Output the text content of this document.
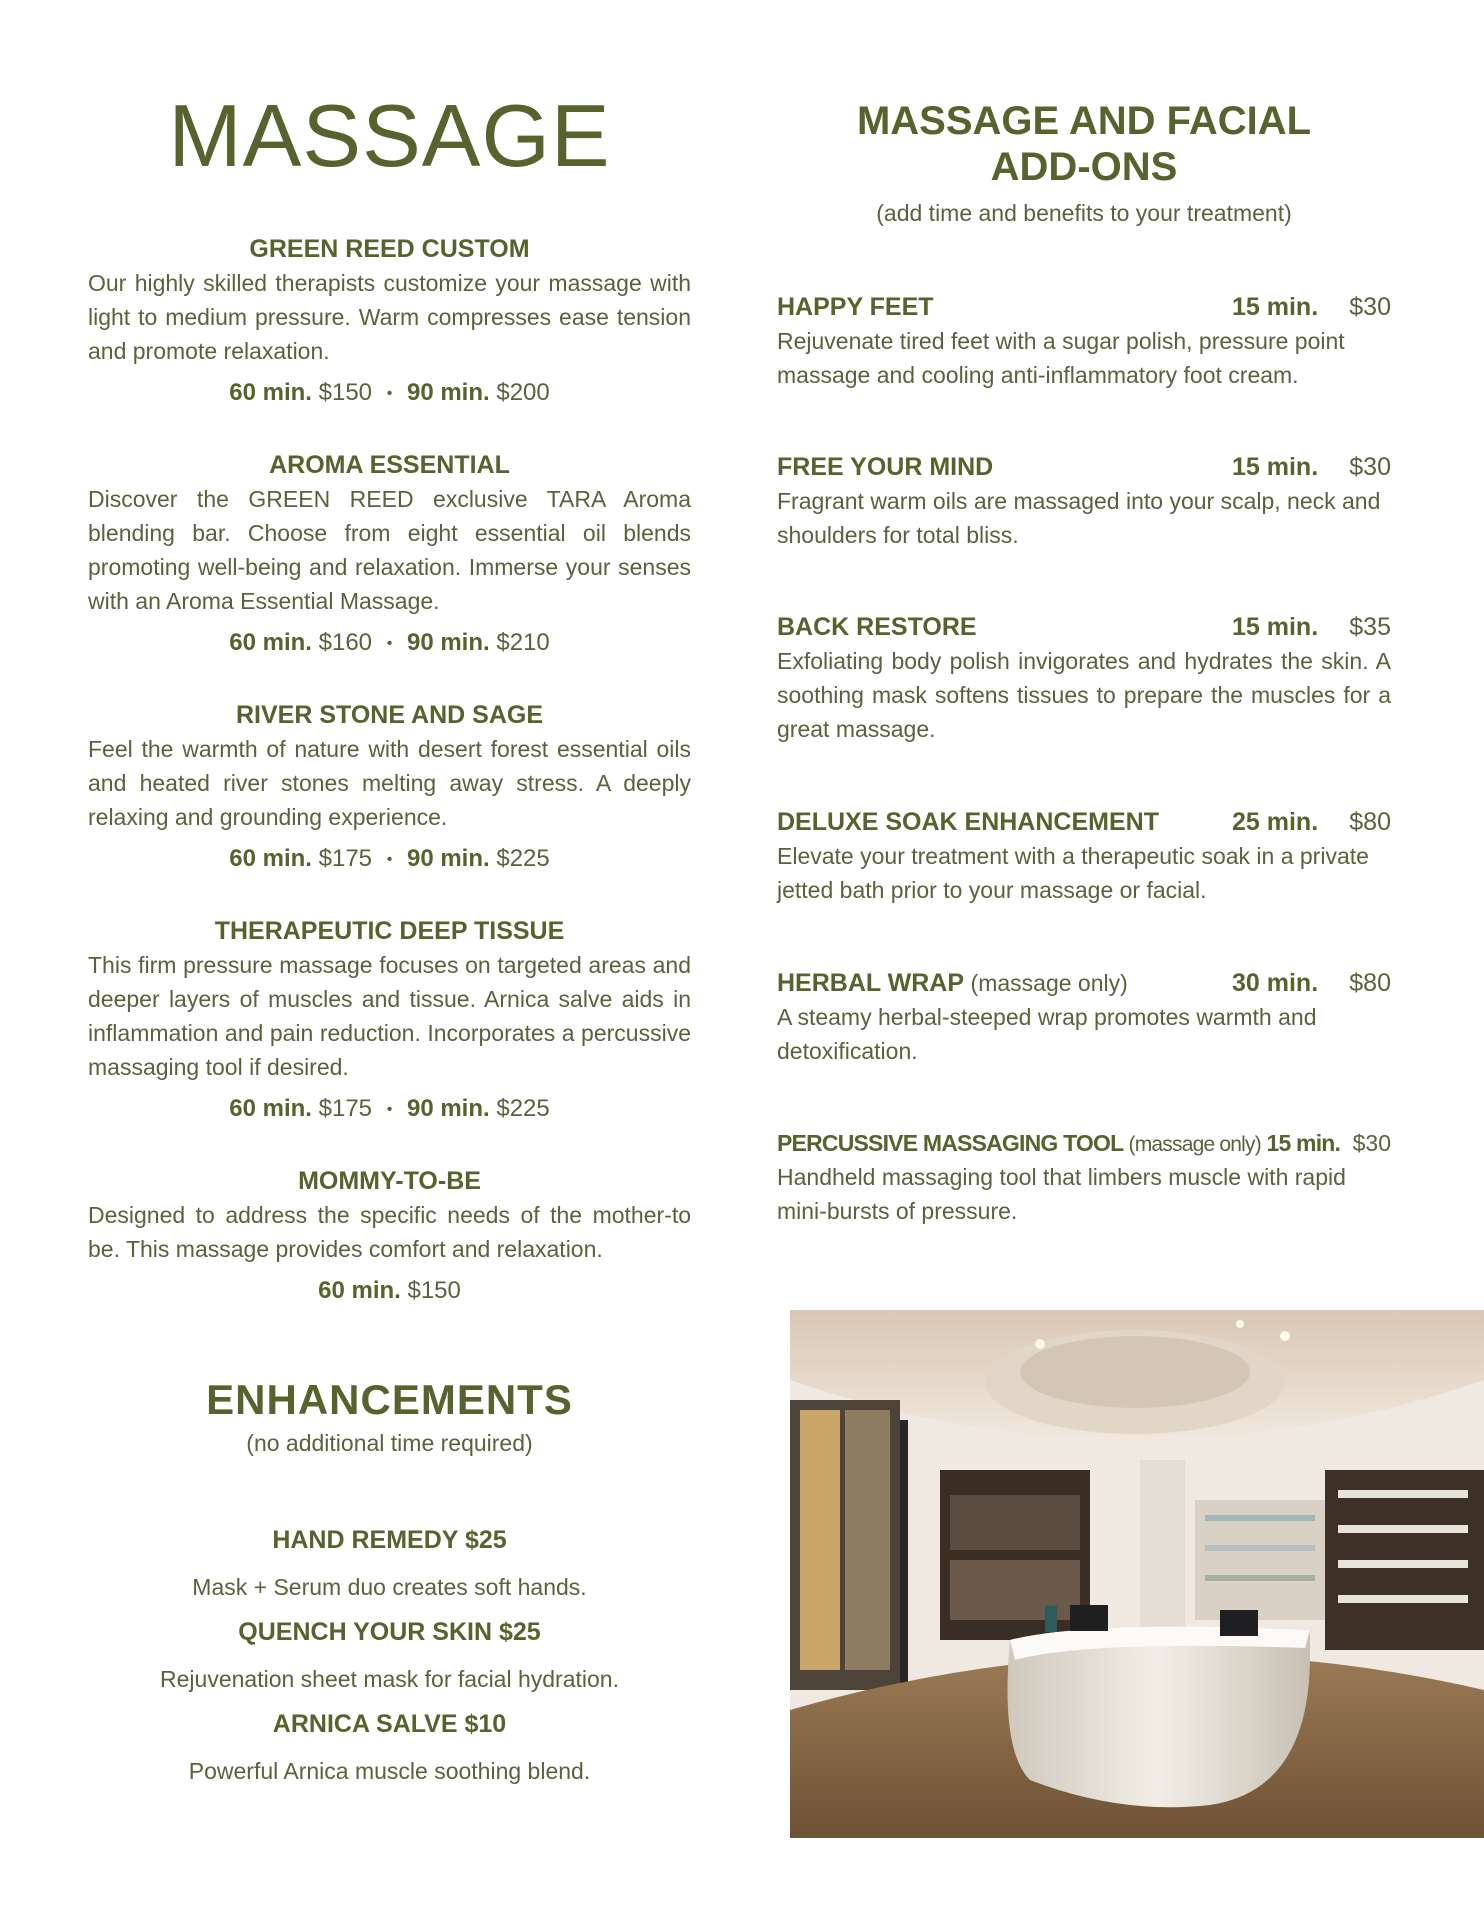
MASSAGE

GREEN REED CUSTOM

Our highly skilled therapists customize your massage with light to medium pressure. Warm compresses ease tension and promote relaxation.

60 min. $150 • 90 min. $200

AROMA ESSENTIAL

Discover the GREEN REED exclusive TARA Aroma blending bar. Choose from eight essential oil blends promoting well-being and relaxation. Immerse your senses with an Aroma Essential Massage.

60 min. $160 • 90 min. $210

RIVER STONE AND SAGE

Feel the warmth of nature with desert forest essential oils and heated river stones melting away stress. A deeply relaxing and grounding experience.

60 min. $175 • 90 min. $225

THERAPEUTIC DEEP TISSUE

This firm pressure massage focuses on targeted areas and deeper layers of muscles and tissue. Arnica salve aids in inflammation and pain reduction. Incorporates a percussive massaging tool if desired.

60 min. $175 • 90 min. $225

MOMMY-TO-BE

Designed to address the specific needs of the mother-to be. This massage provides comfort and relaxation.

60 min. $150
ENHANCEMENTS
(no additional time required)
HAND REMEDY $25
Mask + Serum duo creates soft hands.
QUENCH YOUR SKIN $25
Rejuvenation sheet mask for facial hydration.
ARNICA SALVE $10
Powerful Arnica muscle soothing blend.
MASSAGE AND FACIAL
ADD-ONS
(add time and benefits to your treatment)
HAPPY FEET	15 min. $30

Rejuvenate tired feet with a sugar polish, pressure point massage and cooling anti-inflammatory foot cream.

FREE YOUR MIND	15 min. $30

Fragrant warm oils are massaged into your scalp, neck and shoulders for total bliss.

BACK RESTORE	15 min. $35

Exfoliating body polish invigorates and hydrates the skin. A soothing mask softens tissues to prepare the muscles for a great massage.

DELUXE SOAK ENHANCEMENT	25 min. $80

Elevate your treatment with a therapeutic soak in a private jetted bath prior to your massage or facial.

HERBAL WRAP (massage only)	30 min. $80

A steamy herbal-steeped wrap promotes warmth and detoxification.

PERCUSSIVE MASSAGING TOOL (massage only) 15 min. $30

Handheld massaging tool that limbers muscle with rapid mini-bursts of pressure.
